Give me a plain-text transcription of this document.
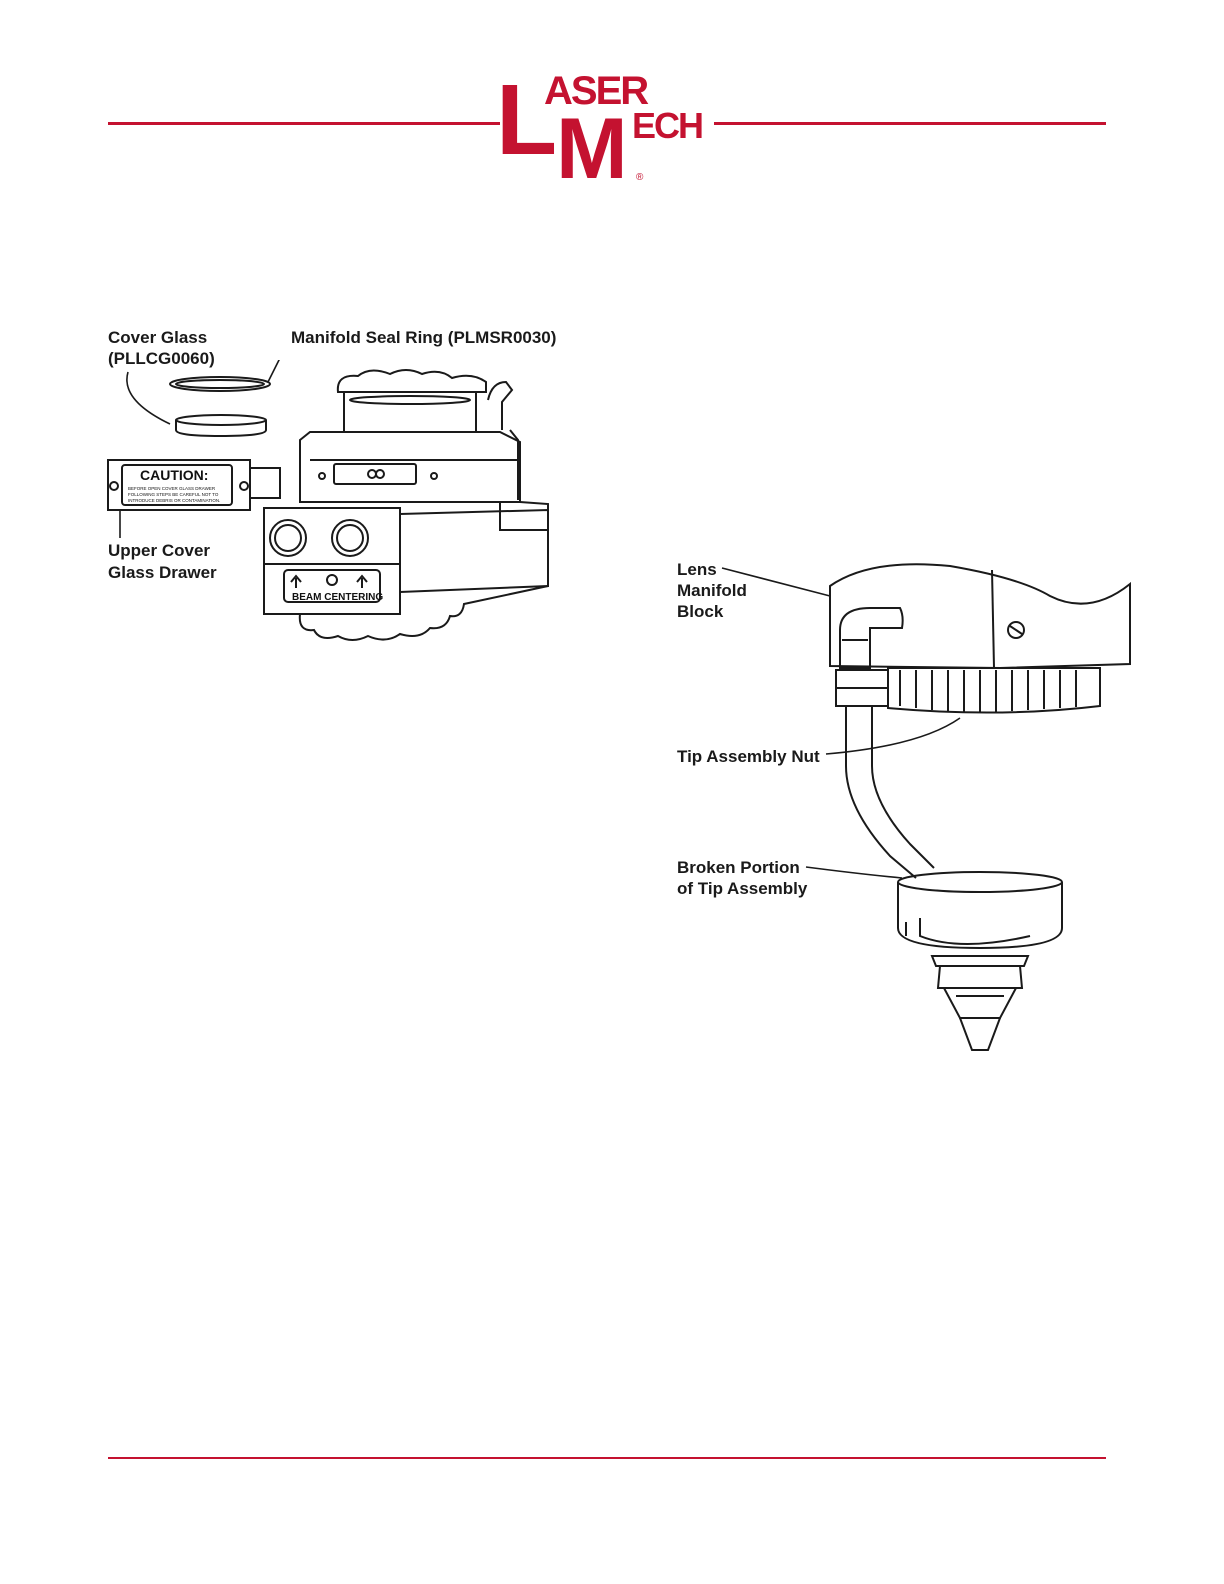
L
ASER
M ECH
®
Cover Glass
(PLLCG0060)
Manifold Seal Ring (PLMSR0030)
Upper Cover
Glass Drawer
CAUTION:
BEFORE OPEN COVER GLASS DRAWER
FOLLOWING STEPS BE CAREFUL NOT TO
INTRODUCE DEBRIS OR CONTAMINATION.
BEAM CENTERING
Lens
Manifold
Block
Tip Assembly Nut
Broken Portion
of Tip Assembly
